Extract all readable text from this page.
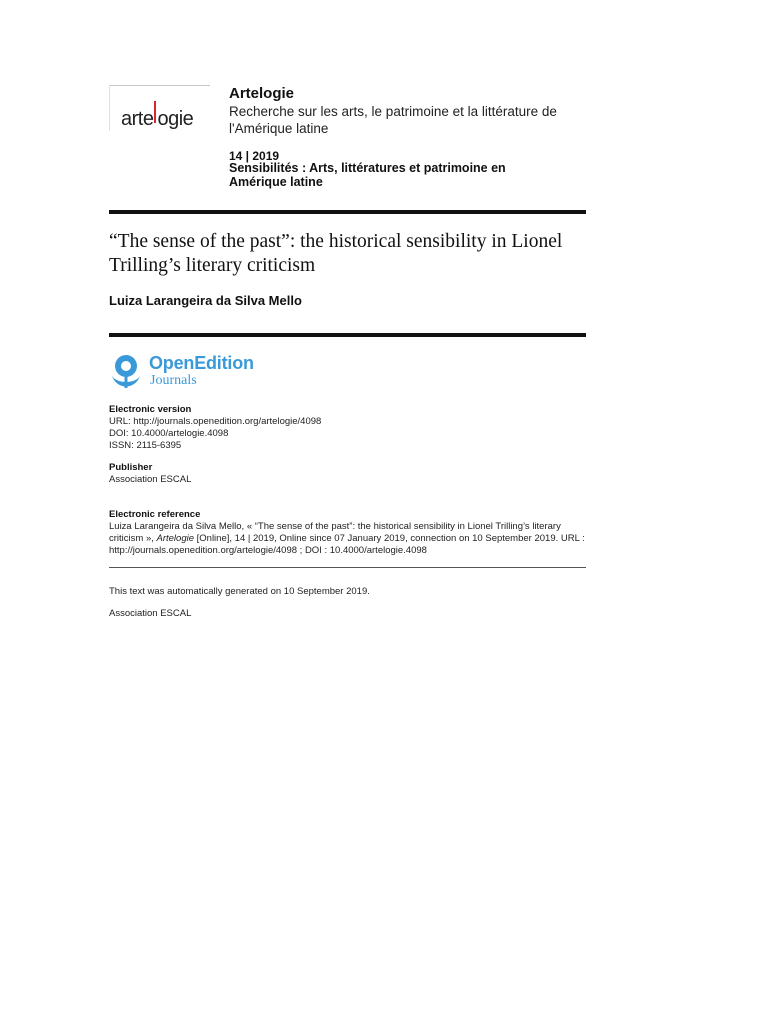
arte ogie
Artelogie
Recherche sur les arts, le patrimoine et la littérature de l'Amérique latine
14 | 2019
Sensibilités : Arts, littératures et patrimoine en Amérique latine
“The sense of the past”: the historical sensibility in Lionel Trilling’s literary criticism
Luiza Larangeira da Silva Mello
OpenEdition
Journals
Electronic version
URL: http://journals.openedition.org/artelogie/4098
DOI: 10.4000/artelogie.4098
ISSN: 2115-6395
Publisher
Association ESCAL
Electronic reference
Luiza Larangeira da Silva Mello, « “The sense of the past”: the historical sensibility in Lionel Trilling’s literary criticism », Artelogie [Online], 14 | 2019, Online since 07 January 2019, connection on 10 September 2019. URL : http://journals.openedition.org/artelogie/4098 ; DOI : 10.4000/artelogie.4098
This text was automatically generated on 10 September 2019.
Association ESCAL
